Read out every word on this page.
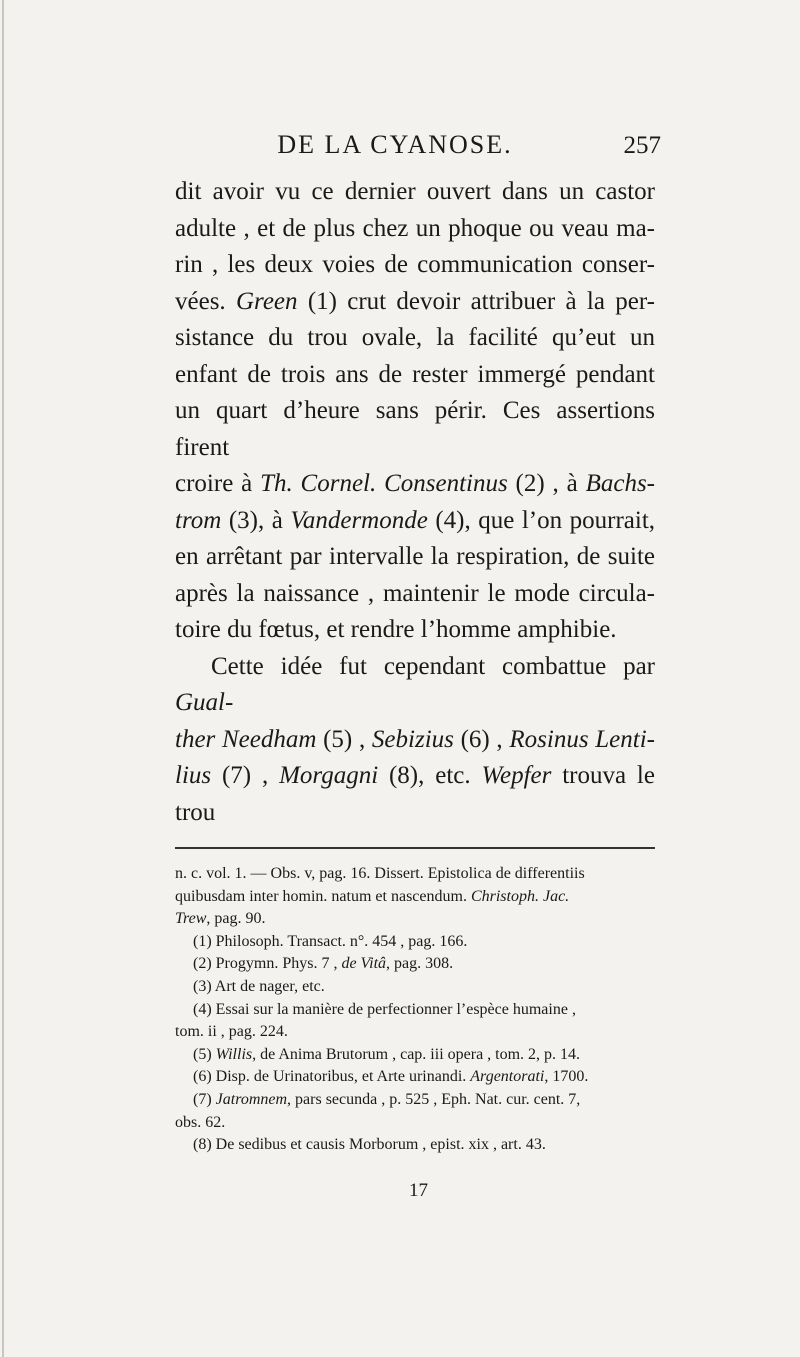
DE LA CYANOSE.	257

dit avoir vu ce dernier ouvert dans un castor

adulte , et de plus chez un phoque ou veau ma-

rin , les deux voies de communication conser-

vées. Green (1) crut devoir attribuer à la per-

sistance du trou ovale, la facilité qu’eut un

enfant de trois ans de rester immergé pendant

un quart d’heure sans périr. Ces assertions firent

croire à Th. Cornel. Consentinus (2) , à Bachs-

trom (3), à Vandermonde (4), que l’on pourrait,

en arrêtant par intervalle la respiration, de suite

après la naissance , maintenir le mode circula-

toire du fœtus, et rendre l’homme amphibie.

Cette idée fut cependant combattue par Gual-

ther Needham (5) , Sebizius (6) , Rosinus Lenti-

lius (7) , Morgagni (8), etc. Wepfer trouva le trou

n. c. vol. 1. — Obs. v, pag. 16. Dissert. Epistolica de differentiis

quibusdam inter homin. natum et nascendum. Christoph. Jac.

Trew, pag. 90.

(1) Philosoph. Transact. n°. 454 , pag. 166.

(2) Progymn. Phys. 7 , de Vitâ, pag. 308.

(3) Art de nager, etc.

(4) Essai sur la manière de perfectionner l’espèce humaine ,

tom. ii , pag. 224.

(5) Willis, de Anima Brutorum , cap. iii opera , tom. 2, p. 14.

(6) Disp. de Urinatoribus, et Arte urinandi. Argentorati, 1700.

(7) Jatromnem, pars secunda , p. 525 , Eph. Nat. cur. cent. 7,

obs. 62.

(8) De sedibus et causis Morborum , epist. xix , art. 43.

17
